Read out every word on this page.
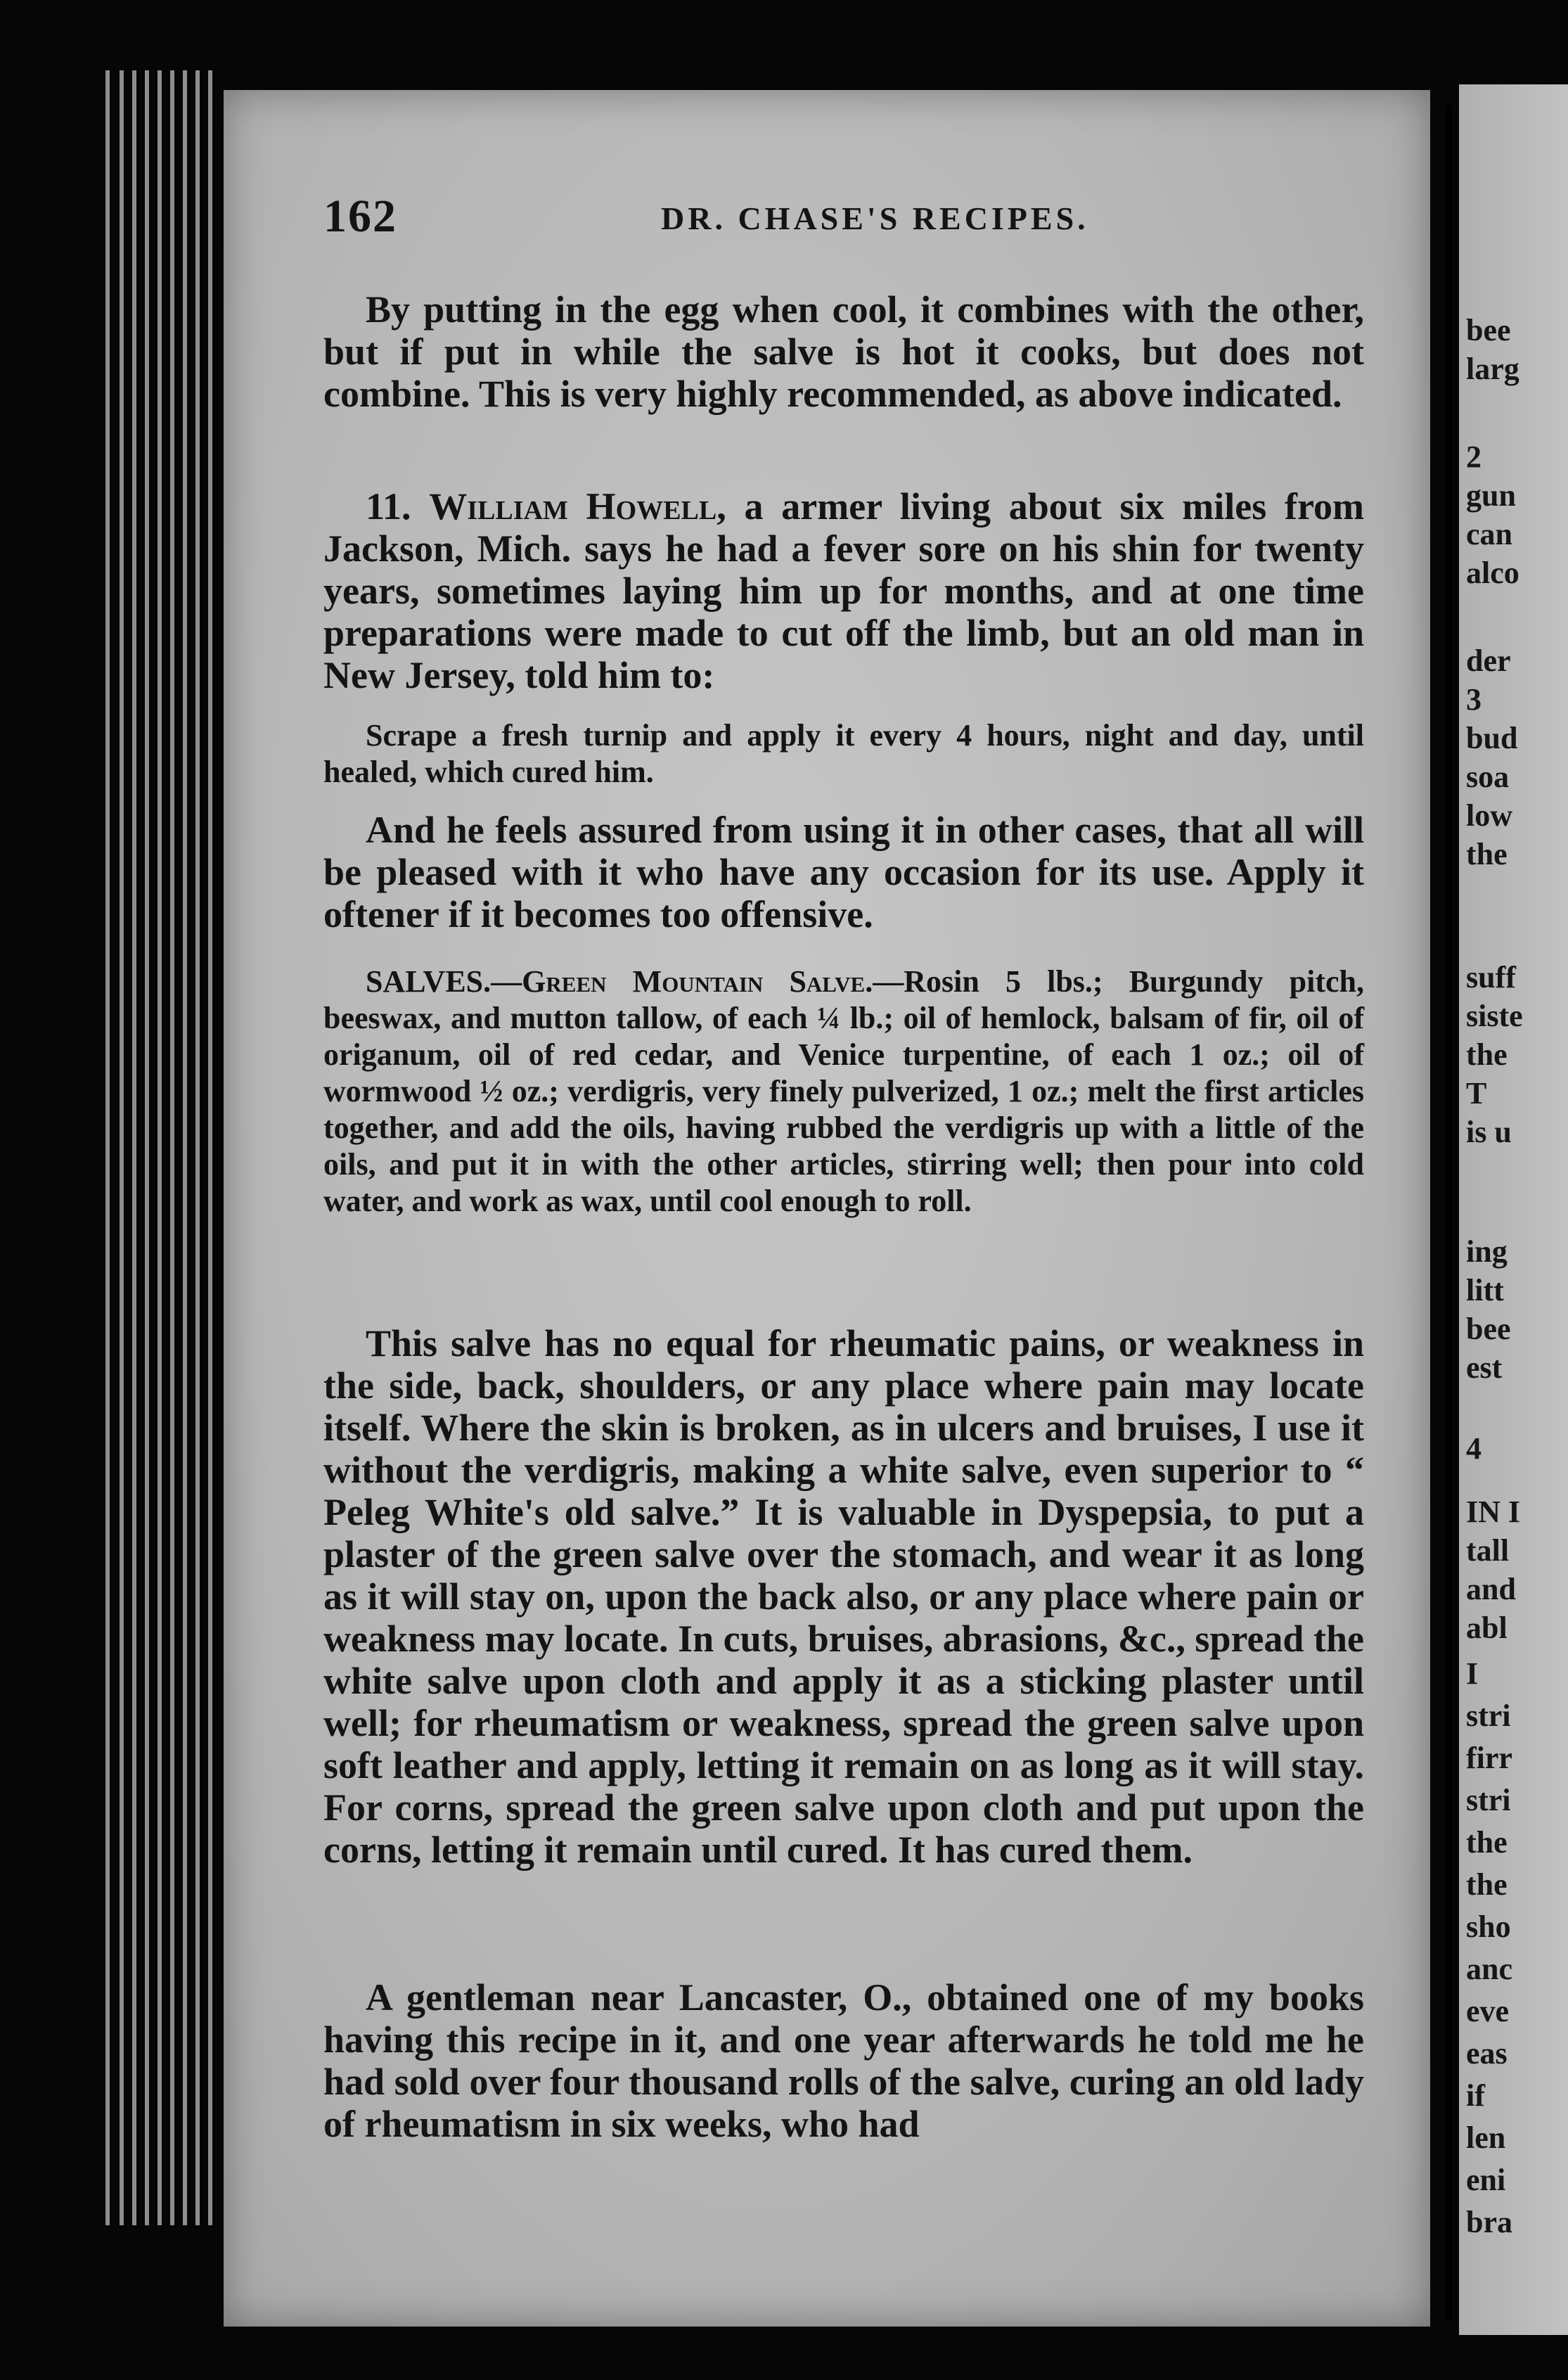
bee
larg
2
gun
can
alco
der
3
bud
soa
low
the
suff
siste
the
T
is u
ing
litt
bee
est
4
IN I
tall
and
abl
I
stri
firr
stri
the
the
sho
anc
eve
eas
if
len
eni
bra
162	DR. CHASE'S RECIPES.

By putting in the egg when cool, it combines with the other, but if put in while the salve is hot it cooks, but does not combine. This is very highly recommended, as above indicated.

11. William Howell, a armer living about six miles from Jackson, Mich. says he had a fever sore on his shin for twenty years, sometimes laying him up for months, and at one time preparations were made to cut off the limb, but an old man in New Jersey, told him to:

Scrape a fresh turnip and apply it every 4 hours, night and day, until healed, which cured him.

And he feels assured from using it in other cases, that all will be pleased with it who have any occasion for its use. Apply it oftener if it becomes too offensive.

SALVES.—Green Mountain Salve.—Rosin 5 lbs.; Burgundy pitch, beeswax, and mutton tallow, of each ¼ lb.; oil of hemlock, balsam of fir, oil of origanum, oil of red cedar, and Venice turpentine, of each 1 oz.; oil of wormwood ½ oz.; verdigris, very finely pulverized, 1 oz.; melt the first articles together, and add the oils, having rubbed the verdigris up with a little of the oils, and put it in with the other articles, stirring well; then pour into cold water, and work as wax, until cool enough to roll.

This salve has no equal for rheumatic pains, or weakness in the side, back, shoulders, or any place where pain may locate itself. Where the skin is broken, as in ulcers and bruises, I use it without the verdigris, making a white salve, even superior to “ Peleg White's old salve.” It is valuable in Dyspepsia, to put a plaster of the green salve over the stomach, and wear it as long as it will stay on, upon the back also, or any place where pain or weakness may locate. In cuts, bruises, abrasions, &c., spread the white salve upon cloth and apply it as a sticking plaster until well; for rheumatism or weakness, spread the green salve upon soft leather and apply, letting it remain on as long as it will stay. For corns, spread the green salve upon cloth and put upon the corns, letting it remain until cured. It has cured them.

A gentleman near Lancaster, O., obtained one of my books having this recipe in it, and one year afterwards he told me he had sold over four thousand rolls of the salve, curing an old lady of rheumatism in six weeks, who had
